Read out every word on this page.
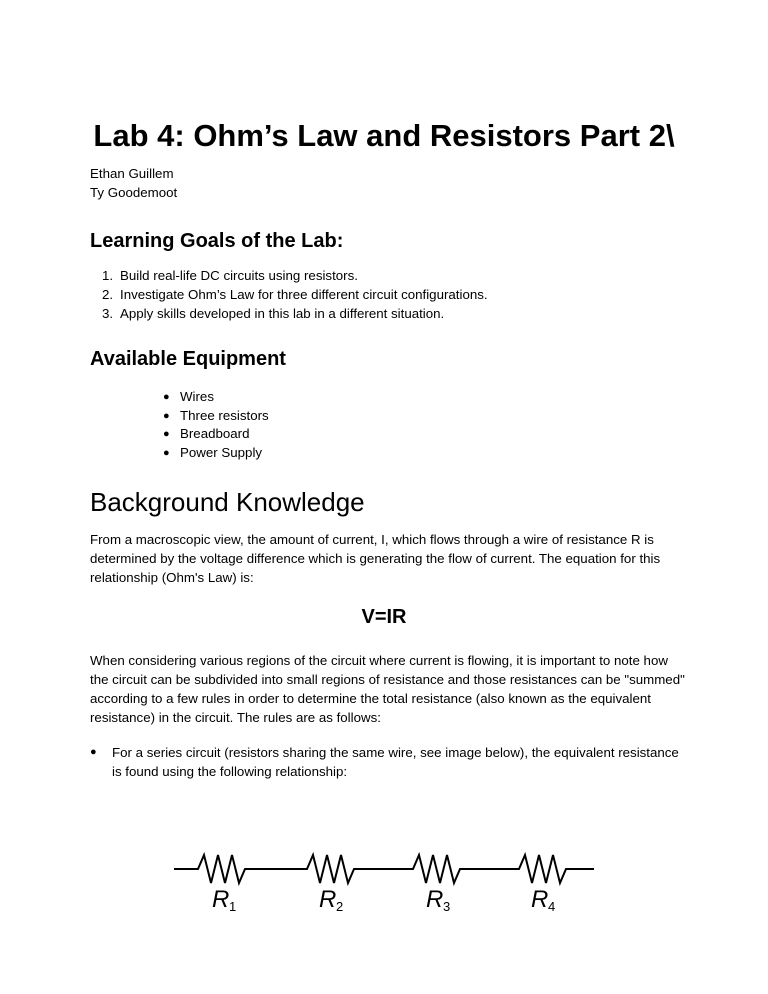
Lab 4: Ohm’s Law and Resistors Part 2\

Ethan Guillem

Ty Goodemoot

Learning Goals of the Lab:
1. Build real-life DC circuits using resistors.
2. Investigate Ohm’s Law for three different circuit configurations.
3. Apply skills developed in this lab in a different situation.
Available Equipment
● Wires
● Three resistors
● Breadboard
● Power Supply
Background Knowledge

From a macroscopic view, the amount of current, I, which flows through a wire of resistance R is determined by the voltage difference which is generating the flow of current. The equation for this relationship (Ohm's Law) is:

V=IR

When considering various regions of the circuit where current is flowing, it is important to note how the circuit can be subdivided into small regions of resistance and those resistances can be "summed" according to a few rules in order to determine the total resistance (also known as the equivalent resistance) in the circuit. The rules are as follows:

● For a series circuit (resistors sharing the same wire, see image below), the equivalent resistance is found using the following relationship:

R 1	R 2	R 3	R 4
